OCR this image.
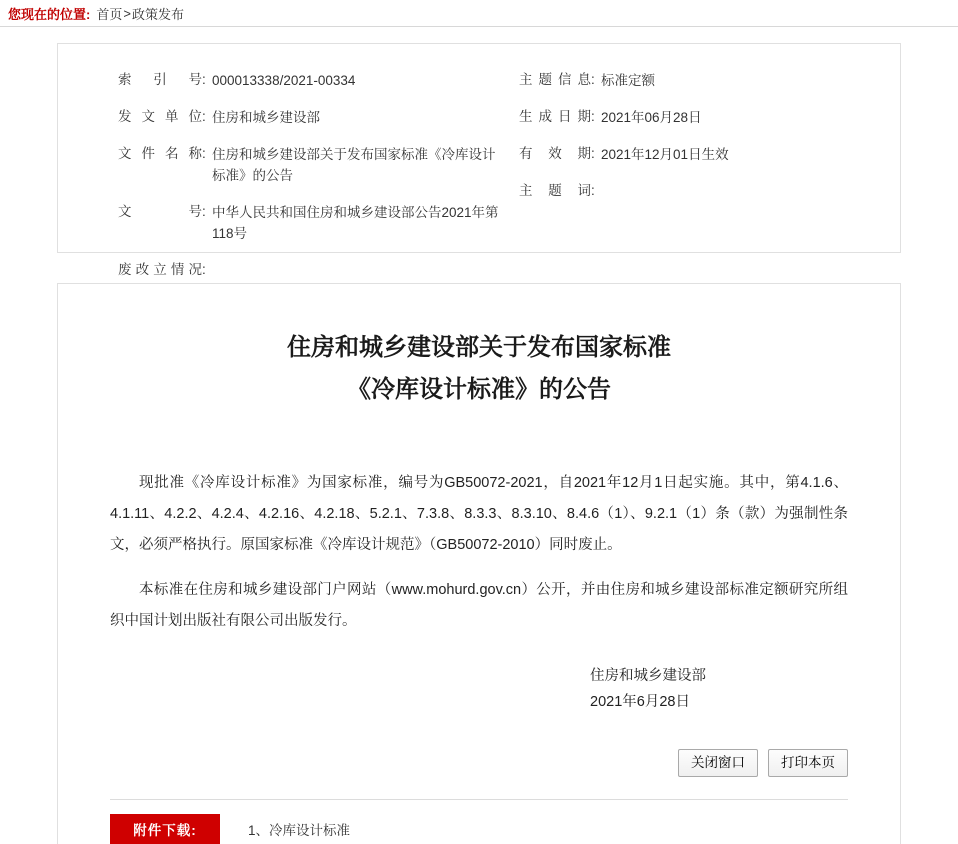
您现在的位置: 首页 > 政策发布
索引号 : 000013338/2021-00334
发文单位 : 住房和城乡建设部
文件名称 : 住房和城乡建设部关于发布国家标准《冷库设计标准》的公告
文号 : 中华人民共和国住房和城乡建设部公告2021年第118号
废改立情况 :
主题信息 : 标准定额
生成日期 : 2021年06月28日
有效期 : 2021年12月01日生效
主题词 :
住房和城乡建设部关于发布国家标准
《冷库设计标准》的公告

现批准《冷库设计标准》为国家标准，编号为GB50072-2021，自2021年12月1日起实施。其中，第4.1.6、4.1.11、4.2.2、4.2.4、4.2.16、4.2.18、5.2.1、7.3.8、8.3.3、8.3.10、8.4.6（1）、9.2.1（1）条（款）为强制性条文，必须严格执行。原国家标准《冷库设计规范》（GB50072-2010）同时废止。

本标准在住房和城乡建设部门户网站（www.mohurd.gov.cn）公开，并由住房和城乡建设部标准定额研究所组织中国计划出版社有限公司出版发行。

住房和城乡建设部
2021年6月28日
关闭窗口	打印本页
附件下载:	1、冷库设计标准
